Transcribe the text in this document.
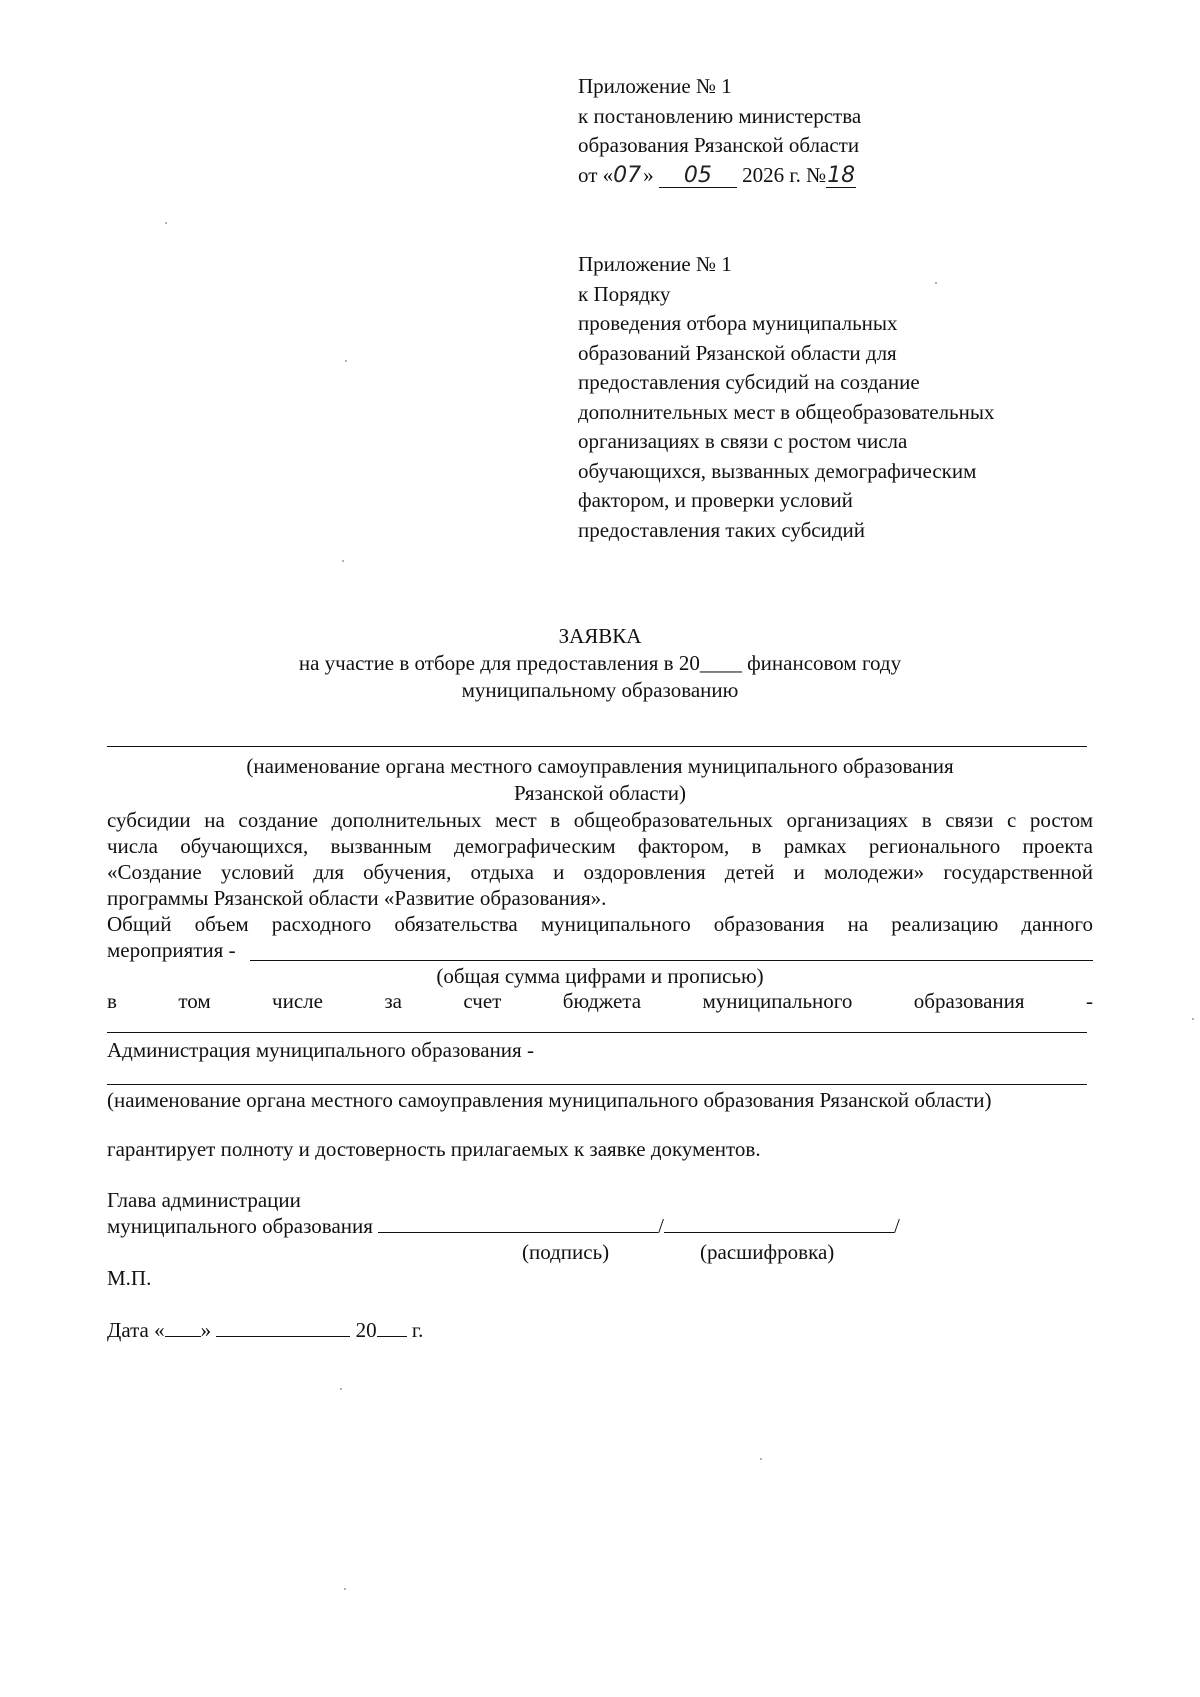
Приложение № 1
к постановлению министерства
образования Рязанской области
от «07» 05 2026 г. №18
Приложение № 1
к Порядку
проведения отбора муниципальных
образований Рязанской области для
предоставления субсидий на создание
дополнительных мест в общеобразовательных
организациях в связи с ростом числа
обучающихся, вызванных демографическим
фактором, и проверки условий
предоставления таких субсидий
ЗАЯВКА
на участие в отборе для предоставления в 20____ финансовом году
муниципальному образованию
(наименование органа местного самоуправления муниципального образования
Рязанской области)
субсидии на создание дополнительных мест в общеобразовательных организациях в связи с ростом
числа обучающихся, вызванным демографическим фактором, в рамках регионального проекта
«Создание условий для обучения, отдыха и оздоровления детей и молодежи» государственной
программы Рязанской области «Развитие образования».
Общий объем расходного обязательства муниципального образования на реализацию данного
мероприятия -
(общая сумма цифрами и прописью)
в	том	числе	за	счет	бюджета	муниципального	образования	-
Администрация муниципального образования -
(наименование органа местного самоуправления муниципального образования Рязанской области)
гарантирует полноту и достоверность прилагаемых к заявке документов.
Глава администрации
муниципального образования	/	/
(подпись)	(расшифровка)
М.П.
Дата « »	20 г.
